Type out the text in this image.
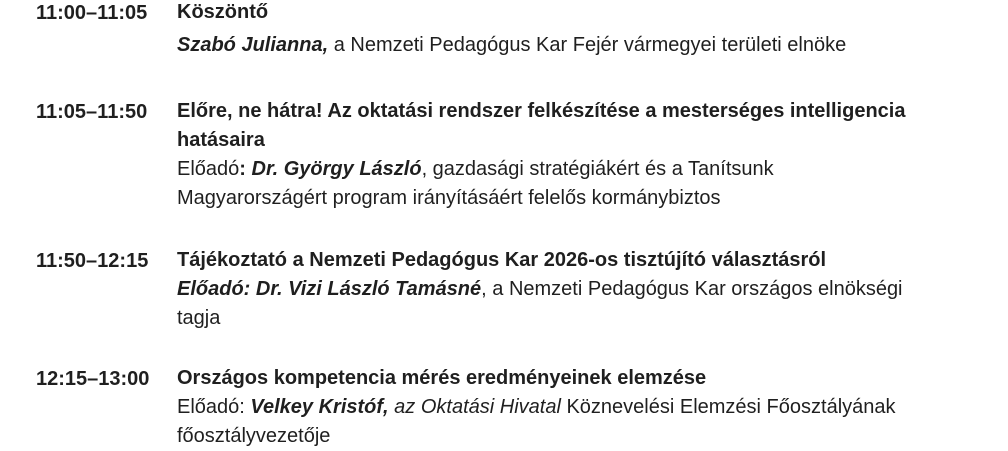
11:00–11:05	Köszöntő
Szabó Julianna, a Nemzeti Pedagógus Kar Fejér vármegyei területi elnöke
11:05–11:50	Előre, ne hátra! Az oktatási rendszer felkészítése a mesterséges intelligencia
hatásaira
Előadó: Dr. György László, gazdasági stratégiákért és a Tanítsunk
Magyarországért program irányításáért felelős kormánybiztos
11:50–12:15	Tájékoztató a Nemzeti Pedagógus Kar 2026-os tisztújító választásról
Előadó: Dr. Vizi László Tamásné, a Nemzeti Pedagógus Kar országos elnökségi
tagja
12:15–13:00	Országos kompetencia mérés eredményeinek elemzése
Előadó: Velkey Kristóf, az Oktatási Hivatal Köznevelési Elemzési Főosztályának
főosztályvezetője
